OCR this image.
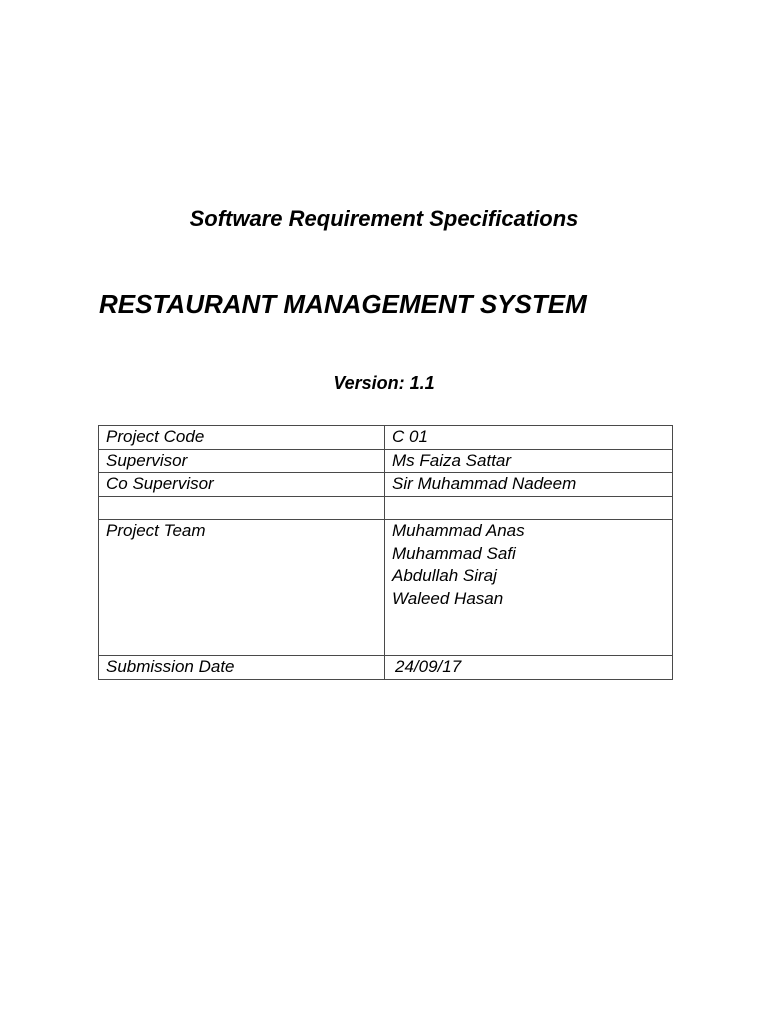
Software Requirement Specifications
RESTAURANT MANAGEMENT SYSTEM
Version: 1.1
Project Code	C 01
Supervisor	Ms Faiza Sattar
Co Supervisor	Sir Muhammad Nadeem

Project Team	Muhammad Anas
Muhammad Safi
Abdullah Siraj
Waleed Hasan

Submission Date	24/09/17
